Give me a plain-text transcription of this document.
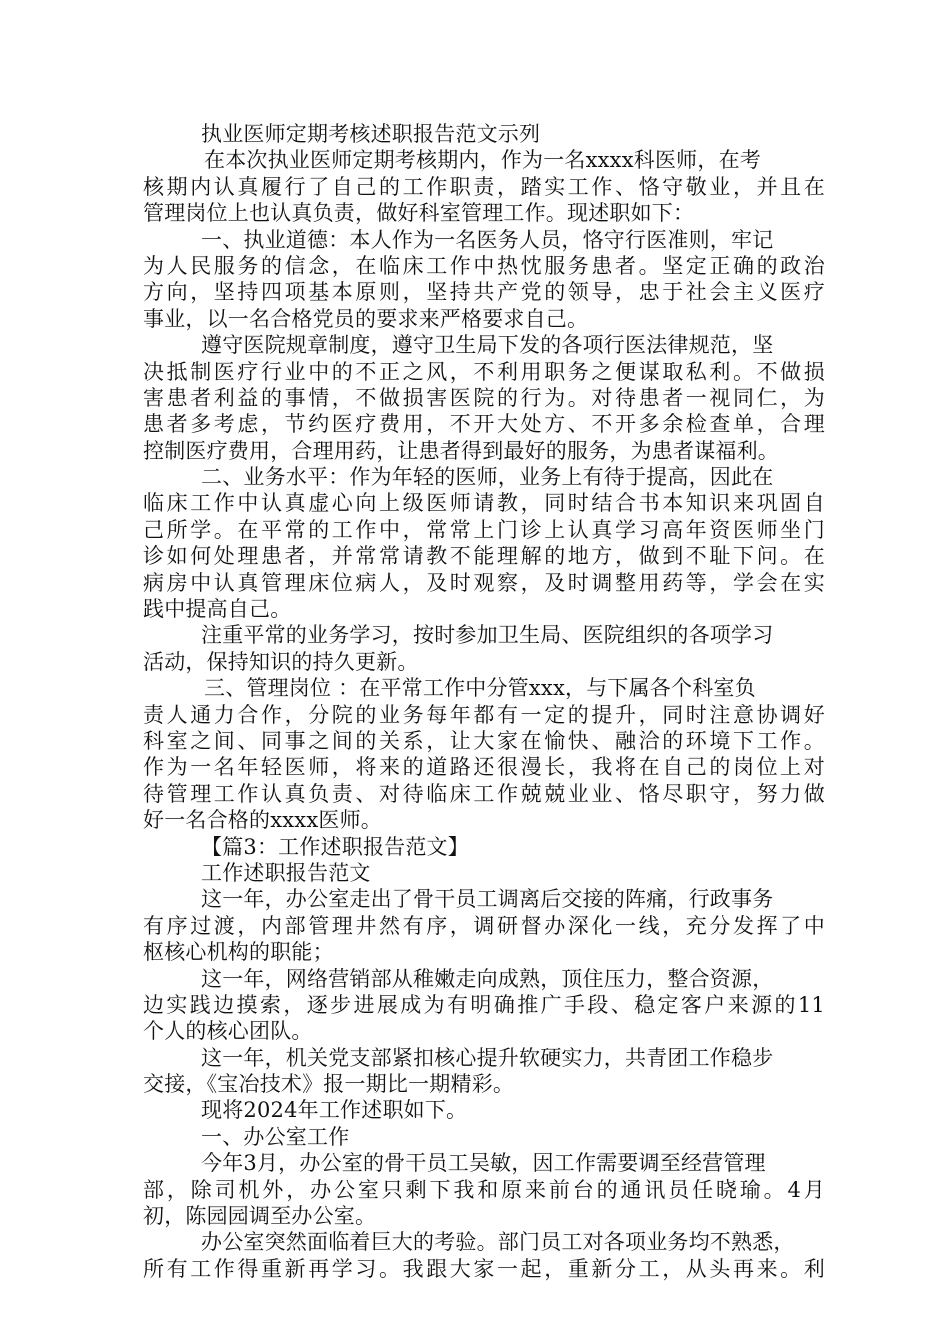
执业医师定期考核述职报告范文示列
在本次执业医师定期考核期内，作为一名xxxx科医师，在考
核期内认真履行了自己的工作职责，踏实工作、恪守敬业，并且在
管理岗位上也认真负责，做好科室管理工作。现述职如下：
一、执业道德：本人作为一名医务人员，恪守行医准则，牢记
为人民服务的信念，在临床工作中热忱服务患者。坚定正确的政治
方向，坚持四项基本原则，坚持共产党的领导，忠于社会主义医疗
事业，以一名合格党员的要求来严格要求自己。
遵守医院规章制度，遵守卫生局下发的各项行医法律规范，坚
决抵制医疗行业中的不正之风，不利用职务之便谋取私利。不做损
害患者利益的事情，不做损害医院的行为。对待患者一视同仁，为
患者多考虑，节约医疗费用，不开大处方、不开多余检查单，合理
控制医疗费用，合理用药，让患者得到最好的服务，为患者谋福利。
二、业务水平：作为年轻的医师，业务上有待于提高，因此在
临床工作中认真虚心向上级医师请教，同时结合书本知识来巩固自
己所学。在平常的工作中，常常上门诊上认真学习高年资医师坐门
诊如何处理患者，并常常请教不能理解的地方，做到不耻下问。在
病房中认真管理床位病人，及时观察，及时调整用药等，学会在实
践中提高自己。
注重平常的业务学习，按时参加卫生局、医院组织的各项学习
活动，保持知识的持久更新。
三、管理岗位 ：在平常工作中分管xxx，与下属各个科室负
责人通力合作，分院的业务每年都有一定的提升，同时注意协调好
科室之间、同事之间的关系，让大家在愉快、融洽的环境下工作。
作为一名年轻医师，将来的道路还很漫长，我将在自己的岗位上对
待管理工作认真负责、对待临床工作兢兢业业、恪尽职守，努力做
好一名合格的xxxx医师。
【篇3：工作述职报告范文】
工作述职报告范文
这一年，办公室走出了骨干员工调离后交接的阵痛，行政事务
有序过渡，内部管理井然有序，调研督办深化一线，充分发挥了中
枢核心机构的职能；
这一年，网络营销部从稚嫩走向成熟，顶住压力，整合资源，
边实践边摸索，逐步进展成为有明确推广手段、稳定客户来源的11
个人的核心团队。
这一年，机关党支部紧扣核心提升软硬实力，共青团工作稳步
交接，《宝冶技术》报一期比一期精彩。
现将2024年工作述职如下。
一、办公室工作
今年3月，办公室的骨干员工吴敏，因工作需要调至经营管理
部，除司机外，办公室只剩下我和原来前台的通讯员任晓瑜。4月
初，陈园园调至办公室。
办公室突然面临着巨大的考验。部门员工对各项业务均不熟悉，
所有工作得重新再学习。我跟大家一起，重新分工，从头再来。利
